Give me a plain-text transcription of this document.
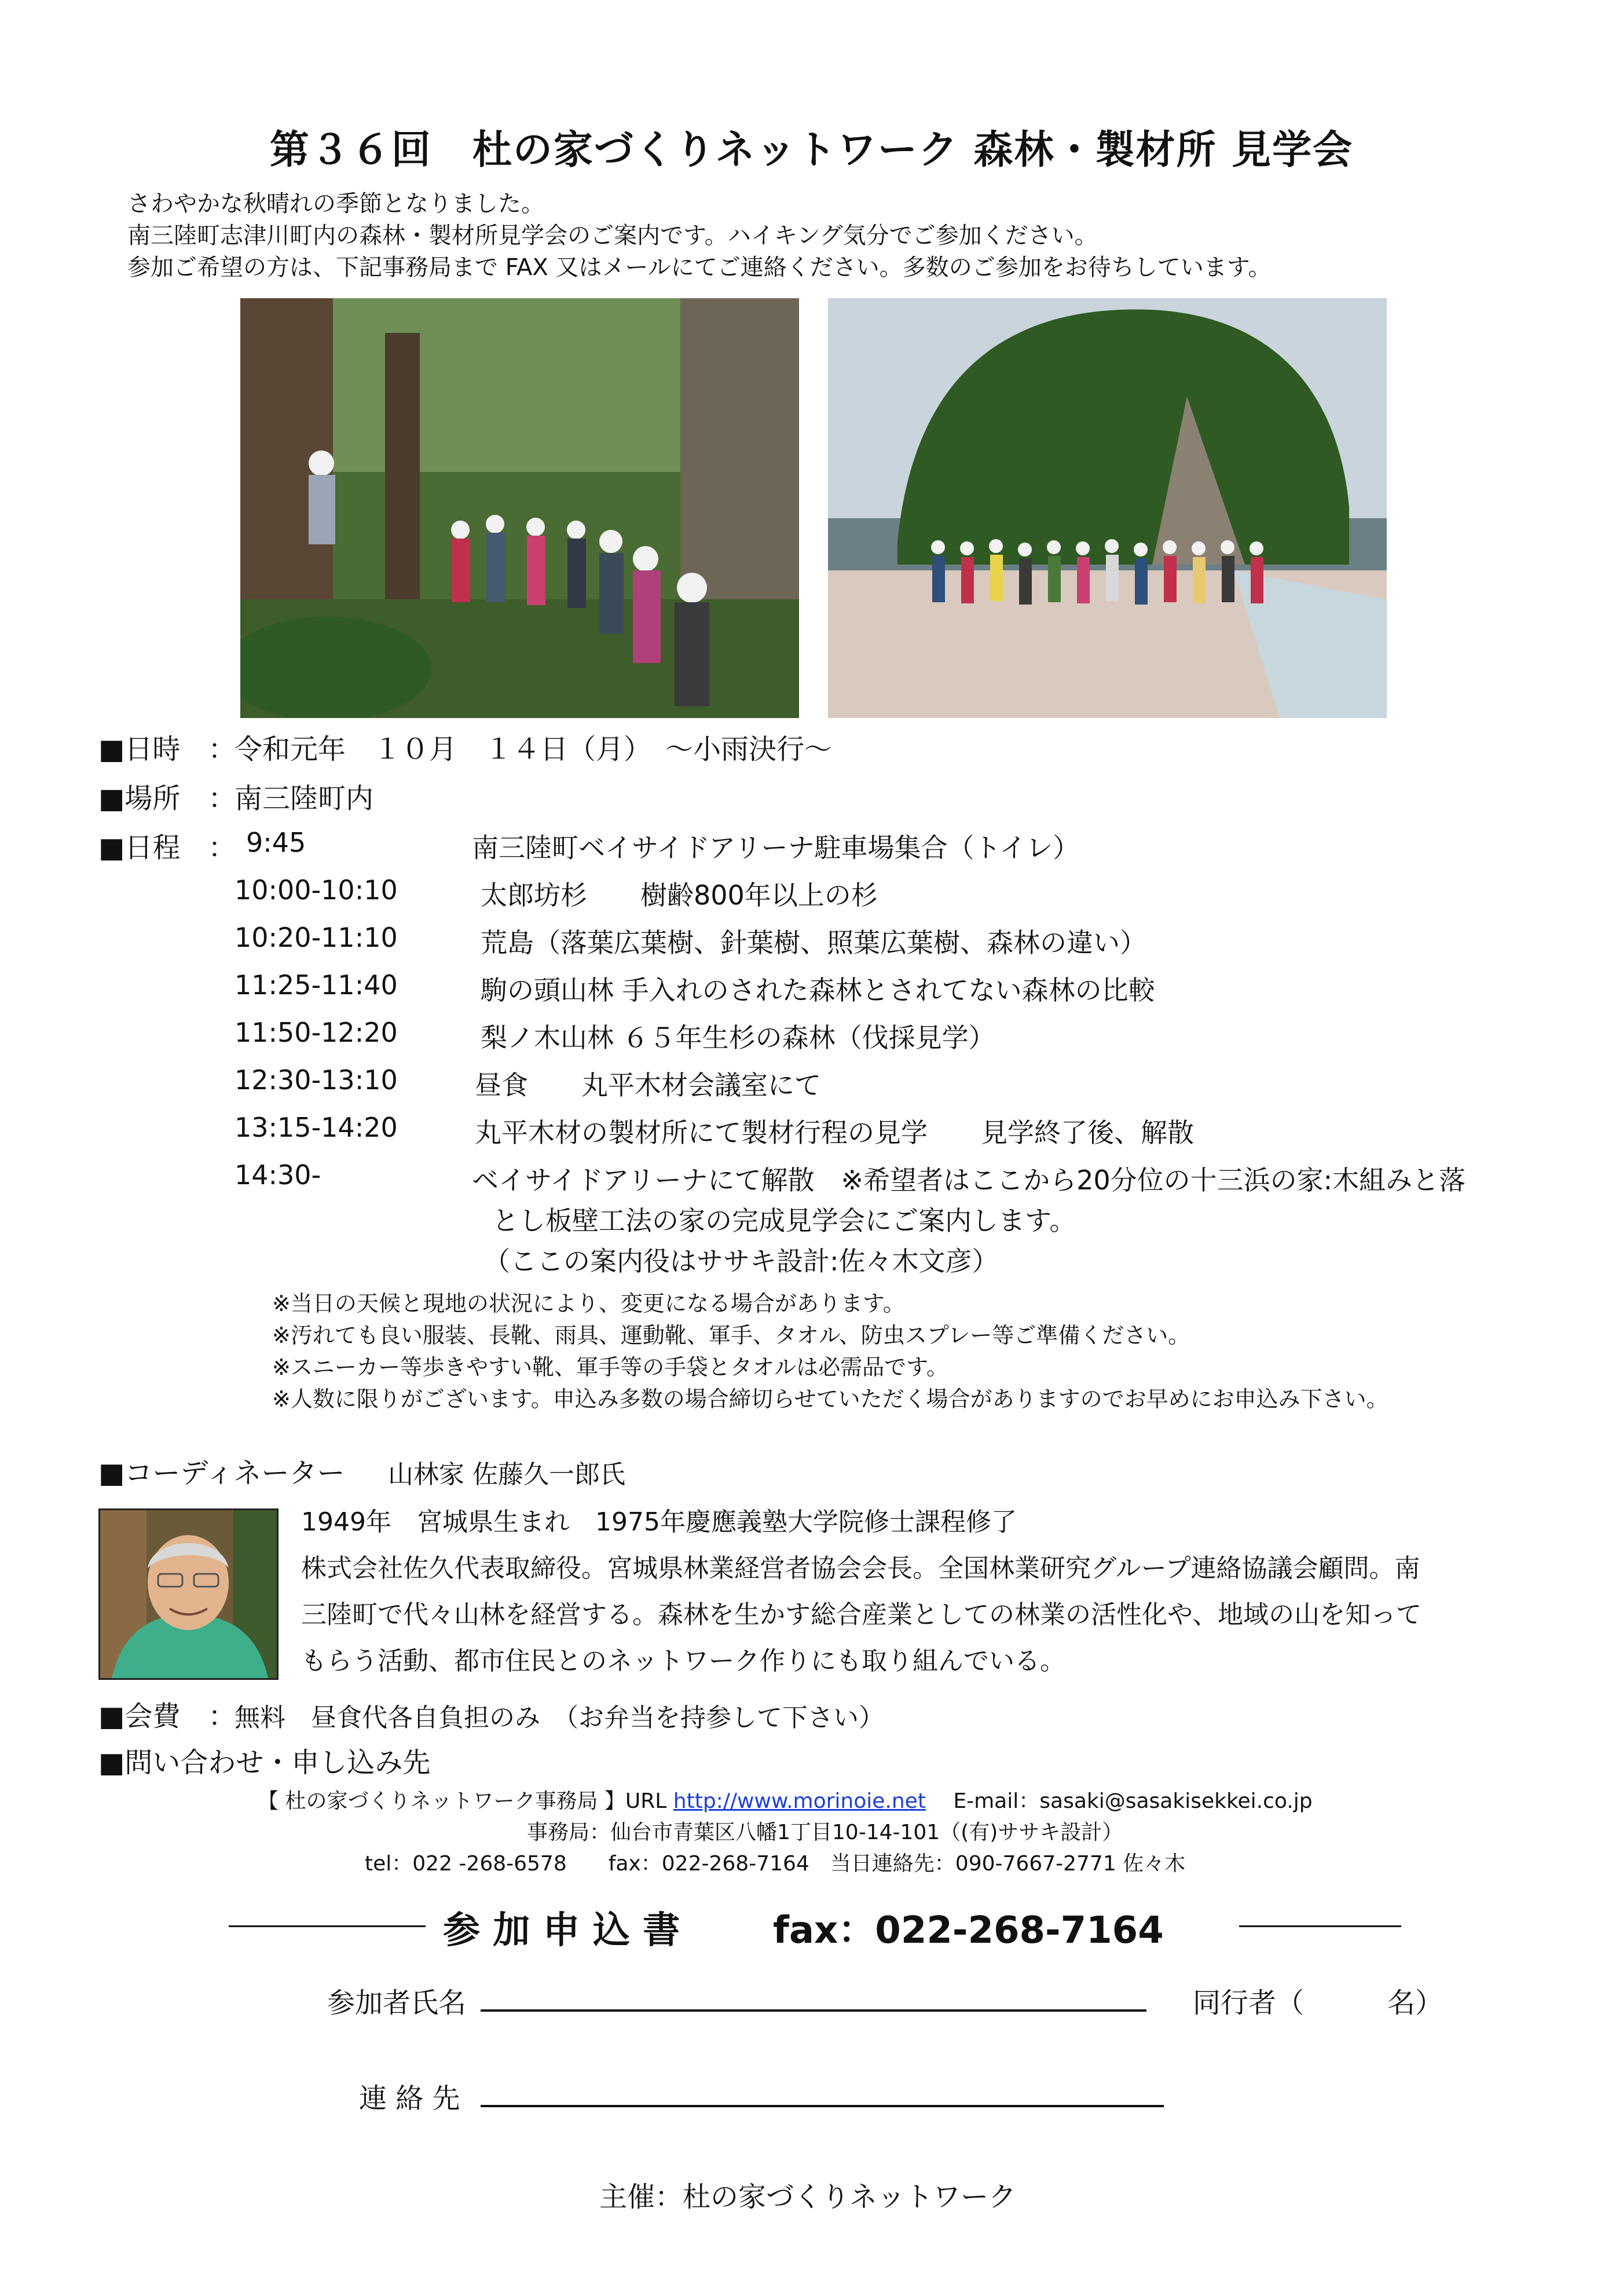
第３６回　杜の家づくりネットワーク 森林・製材所 見学会
さわやかな秋晴れの季節となりました。
南三陸町志津川町内の森林・製材所見学会のご案内です。ハイキング気分でご参加ください。
参加ご希望の方は、下記事務局まで FAX 又はメールにてご連絡ください。多数のご参加をお待ちしています。
■日時　：
令和元年　１０月　１４日（月）　～小雨決行～
■場所　：
南三陸町内
■日程　： 9:45	南三陸町ベイサイドアリーナ駐車場集合（トイレ）
10:00-10:10	太郎坊杉　　樹齢800年以上の杉
10:20-11:10	荒島（落葉広葉樹、針葉樹、照葉広葉樹、森林の違い）
11:25-11:40	駒の頭山林 手入れのされた森林とされてない森林の比較
11:50-12:20	梨ノ木山林 ６５年生杉の森林（伐採見学）
12:30-13:10	昼食　　丸平木材会議室にて
13:15-14:20	丸平木材の製材所にて製材行程の見学　　見学終了後、解散
14:30-	ベイサイドアリーナにて解散　※希望者はここから20分位の十三浜の家:木組みと落
とし板壁工法の家の完成見学会にご案内します。
（ここの案内役はササキ設計:佐々木文彦）
※当日の天候と現地の状況により、変更になる場合があります。
※汚れても良い服装、長靴、雨具、運動靴、軍手、タオル、防虫スプレー等ご準備ください。
※スニーカー等歩きやすい靴、軍手等の手袋とタオルは必需品です。
※人数に限りがございます。申込み多数の場合締切らせていただく場合がありますのでお早めにお申込み下さい。
■コーディネーター 山林家 佐藤久一郎氏
1949年　宮城県生まれ　1975年慶應義塾大学院修士課程修了
株式会社佐久代表取締役。宮城県林業経営者協会会長。全国林業研究グループ連絡協議会顧問。南
三陸町で代々山林を経営する。森林を生かす総合産業としての林業の活性化や、地域の山を知って
もらう活動、都市住民とのネットワーク作りにも取り組んでいる。
■会費　：
無料　昼食代各自負担のみ　（お弁当を持参して下さい）
■問い合わせ・申し込み先
【 杜の家づくりネットワーク事務局 】URL http://www.morinoie.net　 E-mail：sasaki@sasakisekkei.co.jp
事務局：仙台市青葉区八幡1丁目10-14-101（(有)ササキ設計）
tel：022 -268-6578　　fax：022-268-7164　当日連絡先：090-7667-2771 佐々木
参 加 申 込 書	fax：022-268-7164
参加者氏名	同行者（　　　名）
連 絡 先
主催：杜の家づくりネットワーク
